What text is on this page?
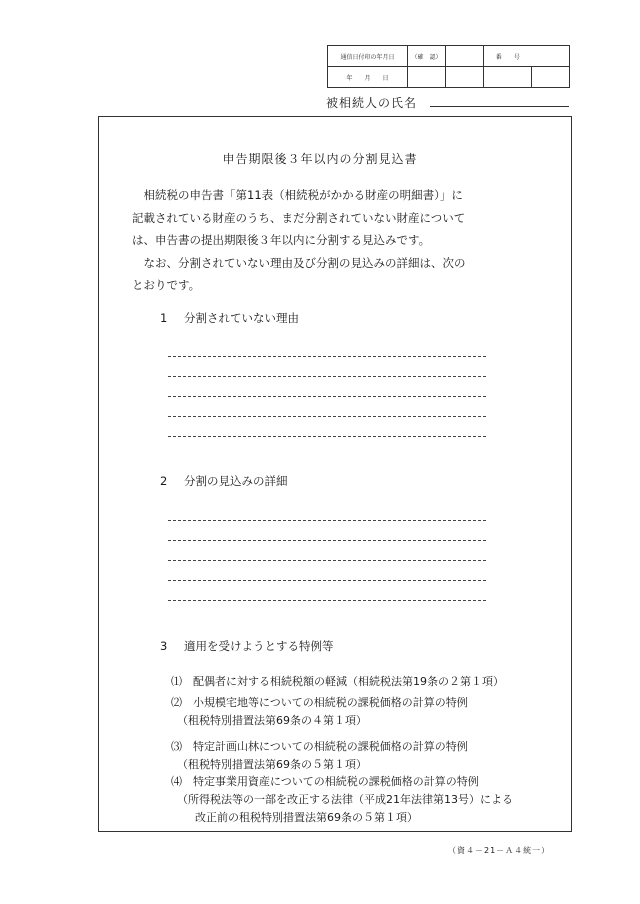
通信日付印の年月日	（確　認）		番　　号	
年　　月　　日				
被相続人の氏名
申告期限後３年以内の分割見込書

　相続税の申告書「第11表（相続税がかかる財産の明細書）」に

記載されている財産のうち、まだ分割されていない財産について

は、申告書の提出期限後３年以内に分割する見込みです。

　なお、分割されていない理由及び分割の見込みの詳細は、次の

とおりです。

1 分割されていない理由
2 分割の見込みの詳細
3 適用を受けようとする特例等
⑴ 配偶者に対する相続税額の軽減（相続税法第19条の２第１項）
⑵ 小規模宅地等についての相続税の課税価格の計算の特例
（租税特別措置法第69条の４第１項）
⑶ 特定計画山林についての相続税の課税価格の計算の特例
（租税特別措置法第69条の５第１項）
⑷ 特定事業用資産についての相続税の課税価格の計算の特例
（所得税法等の一部を改正する法律（平成21年法律第13号）による
改正前の租税特別措置法第69条の５第１項）
（資４－21－Ａ４統一）
